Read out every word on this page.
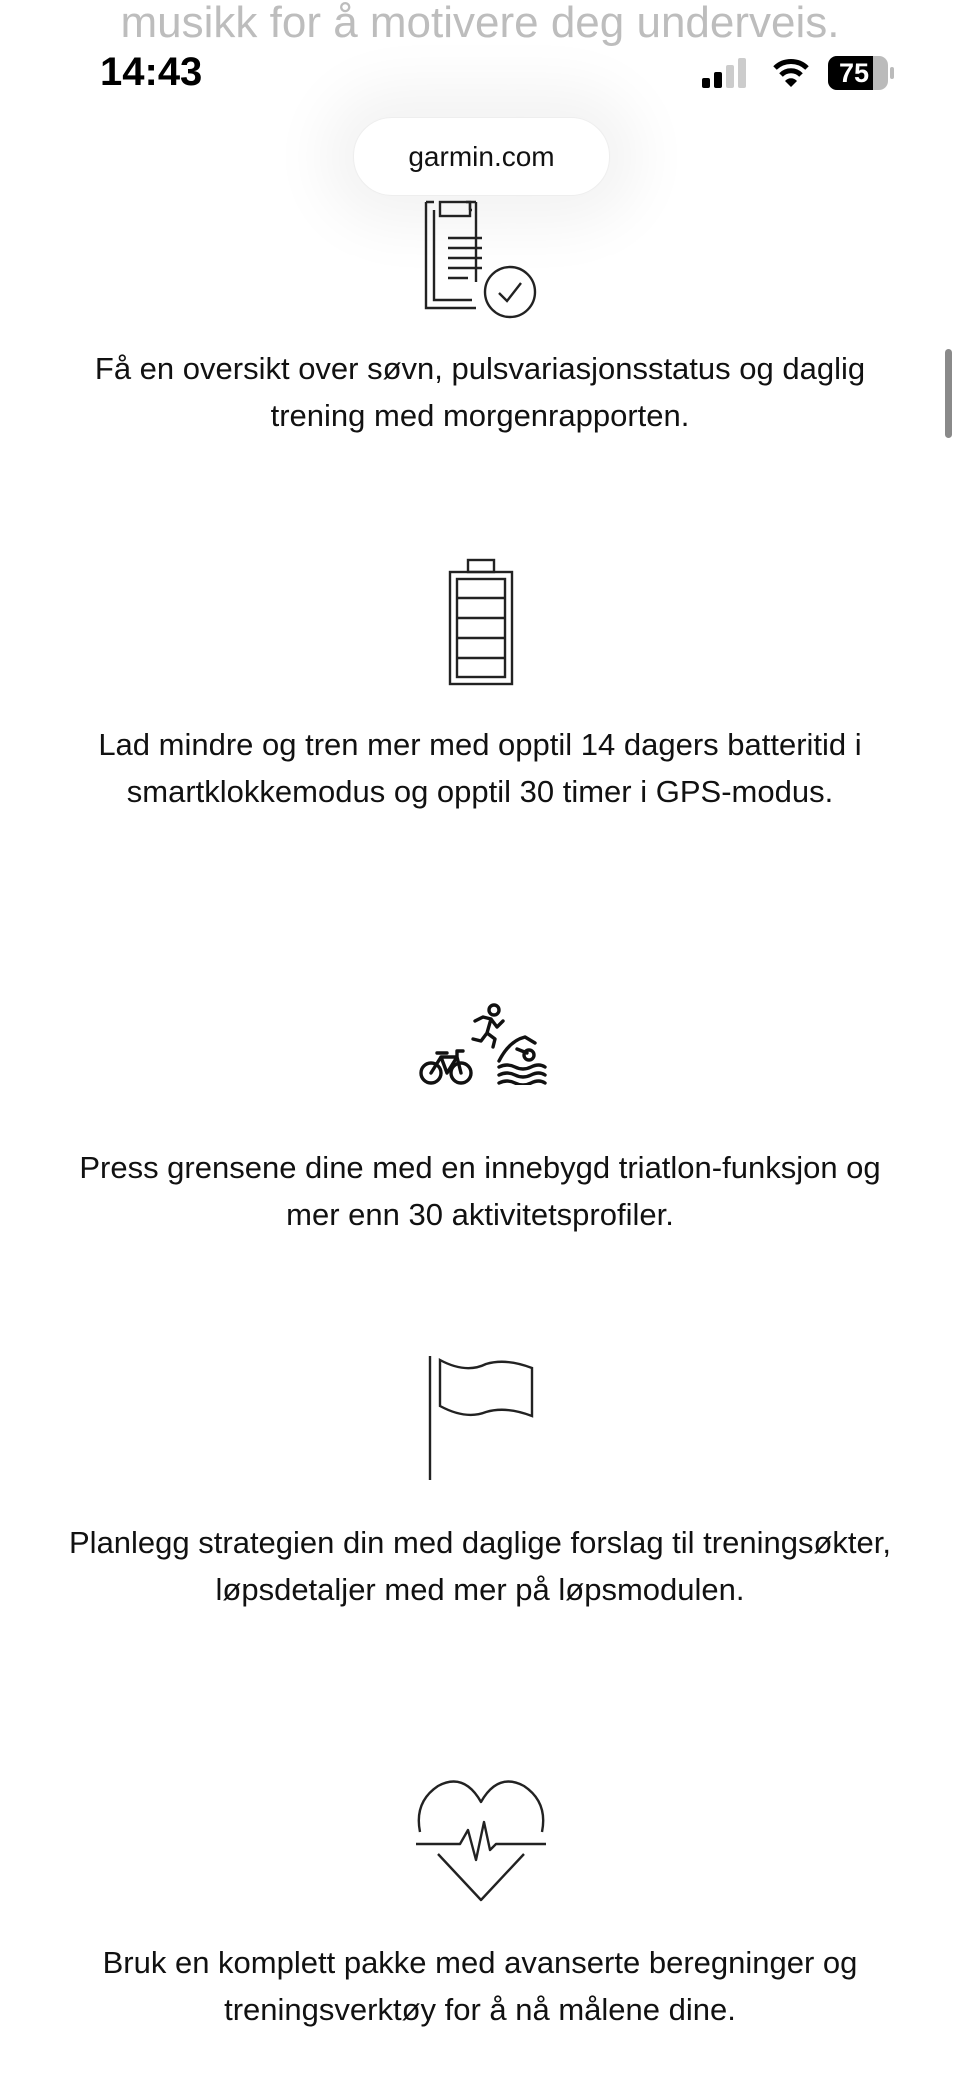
musikk for å motivere deg underveis.
14:43	75
garmin.com
Få en oversikt over søvn, pulsvariasjonsstatus og daglig trening med morgenrapporten.
Lad mindre og tren mer med opptil 14 dagers batteritid i smartklokkemodus og opptil 30 timer i GPS-modus.
Press grensene dine med en innebygd triatlon-funksjon og mer enn 30 aktivitetsprofiler.
Planlegg strategien din med daglige forslag til treningsøkter, løpsdetaljer med mer på løpsmodulen.
Bruk en komplett pakke med avanserte beregninger og treningsverktøy for å nå målene dine.
